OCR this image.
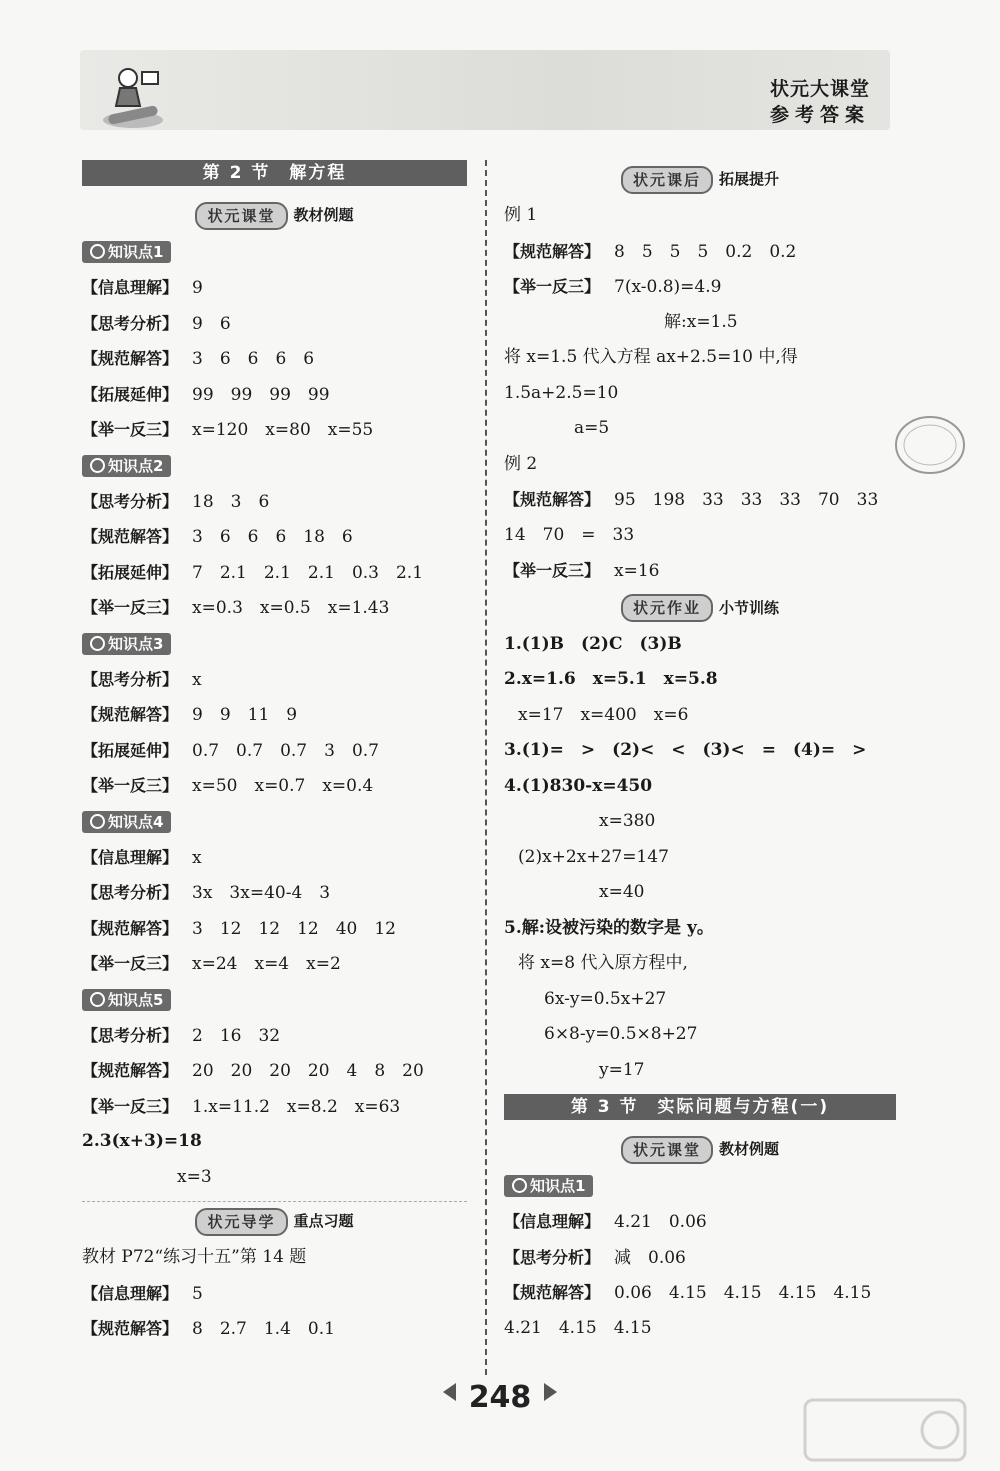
状元大课堂
参考答案
第 2 节　解方程
状元课堂 教材例题
知识点1
【信息理解】 9
【思考分析】 9　6
【规范解答】 3　6　6　6　6
【拓展延伸】 99　99　99　99
【举一反三】 x=120　x=80　x=55
知识点2
【思考分析】 18　3　6
【规范解答】 3　6　6　6　18　6
【拓展延伸】 7　2.1　2.1　2.1　0.3　2.1
【举一反三】 x=0.3　x=0.5　x=1.43
知识点3
【思考分析】 x
【规范解答】 9　9　11　9
【拓展延伸】 0.7　0.7　0.7　3　0.7
【举一反三】 x=50　x=0.7　x=0.4
知识点4
【信息理解】 x
【思考分析】 3x　3x=40-4　3
【规范解答】 3　12　12　12　40　12
【举一反三】 x=24　x=4　x=2
知识点5
【思考分析】 2　16　32
【规范解答】 20　20　20　20　4　8　20
【举一反三】 1.x=11.2　x=8.2　x=63
2.3(x+3)=18
x=3
状元导学 重点习题
教材 P72“练习十五”第 14 题
【信息理解】 5
【规范解答】 8　2.7　1.4　0.1
状元课后 拓展提升
例 1
【规范解答】 8　5　5　5　0.2　0.2
【举一反三】 7(x-0.8)=4.9
解:x=1.5
将 x=1.5 代入方程 ax+2.5=10 中,得
1.5a+2.5=10
a=5
例 2
【规范解答】 95　198　33　33　33　70　33
14　70　=　33
【举一反三】 x=16
状元作业 小节训练
1.(1)B　(2)C　(3)B
2.x=1.6　x=5.1　x=5.8
x=17　x=400　x=6
3.(1)=　>　(2)<　<　(3)<　=　(4)=　>
4.(1)830-x=450
x=380
(2)x+2x+27=147
x=40
5.解:设被污染的数字是 y。
将 x=8 代入原方程中,
6x-y=0.5x+27
6×8-y=0.5×8+27
y=17
第 3 节　实际问题与方程(一)
状元课堂 教材例题
知识点1
【信息理解】 4.21　0.06
【思考分析】 减　0.06
【规范解答】 0.06　4.15　4.15　4.15　4.15
4.21　4.15　4.15
248
